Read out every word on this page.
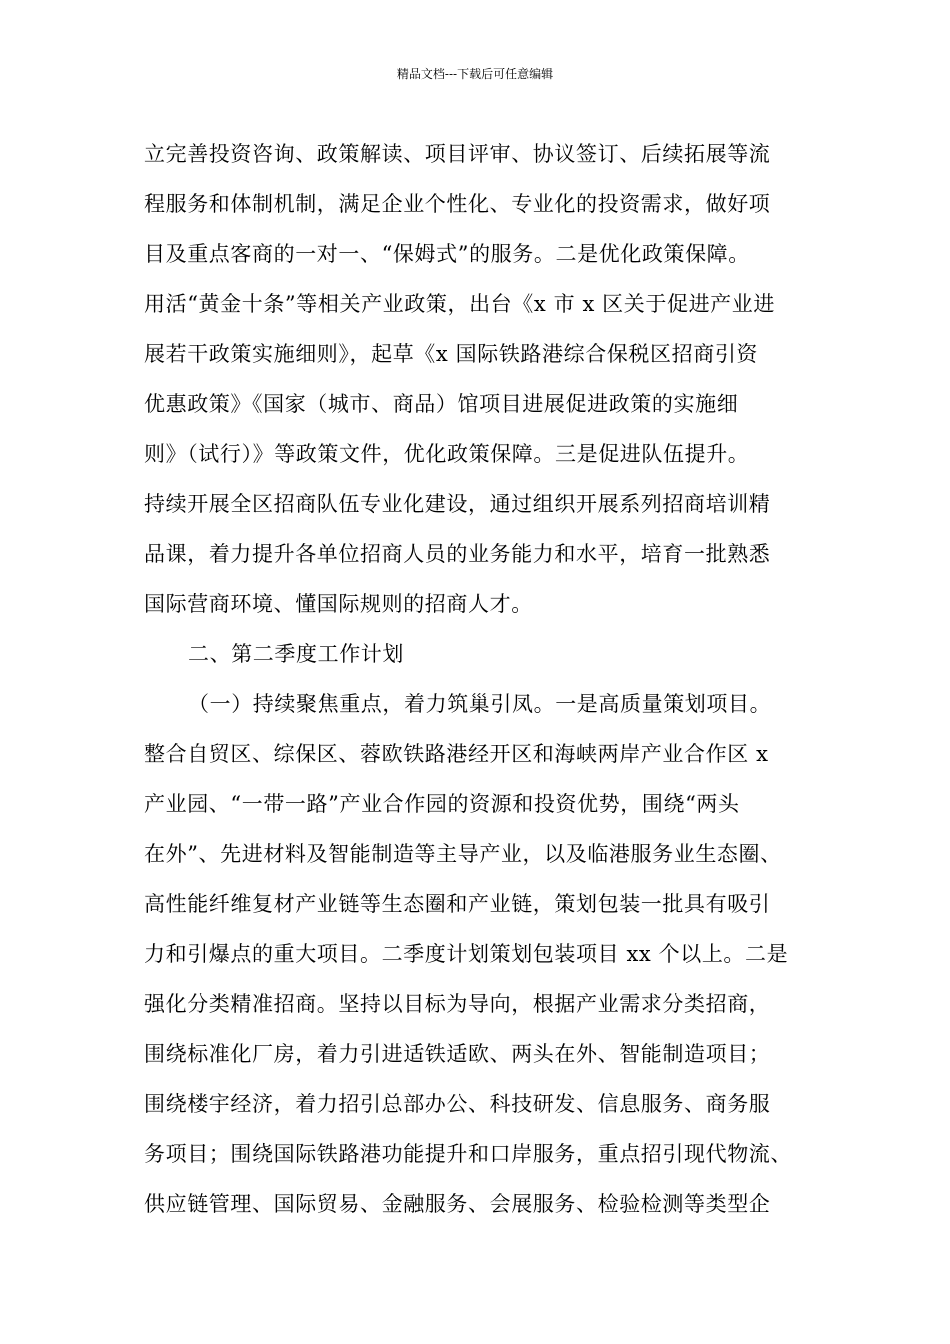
精品文档---下载后可任意编辑
立完善投资咨询、政策解读、项目评审、协议签订、后续拓展等流
程服务和体制机制，满足企业个性化、专业化的投资需求，做好项
目及重点客商的一对一、“保姆式”的服务。二是优化政策保障。
用活“黄金十条”等相关产业政策，出台《x 市 x 区关于促进产业进
展若干政策实施细则》，起草《x 国际铁路港综合保税区招商引资
优惠政策》《国家（城市、商品）馆项目进展促进政策的实施细
则》（试行）》等政策文件，优化政策保障。三是促进队伍提升。
持续开展全区招商队伍专业化建设，通过组织开展系列招商培训精
品课，着力提升各单位招商人员的业务能力和水平，培育一批熟悉
国际营商环境、懂国际规则的招商人才。
二、第二季度工作计划
（一）持续聚焦重点，着力筑巢引凤。一是高质量策划项目。
整合自贸区、综保区、蓉欧铁路港经开区和海峡两岸产业合作区 x
产业园、“一带一路”产业合作园的资源和投资优势，围绕“两头
在外”、先进材料及智能制造等主导产业，以及临港服务业生态圈、
高性能纤维复材产业链等生态圈和产业链，策划包装一批具有吸引
力和引爆点的重大项目。二季度计划策划包装项目 xx 个以上。二是
强化分类精准招商。坚持以目标为导向，根据产业需求分类招商，
围绕标准化厂房，着力引进适铁适欧、两头在外、智能制造项目；
围绕楼宇经济，着力招引总部办公、科技研发、信息服务、商务服
务项目；围绕国际铁路港功能提升和口岸服务，重点招引现代物流、
供应链管理、国际贸易、金融服务、会展服务、检验检测等类型企
